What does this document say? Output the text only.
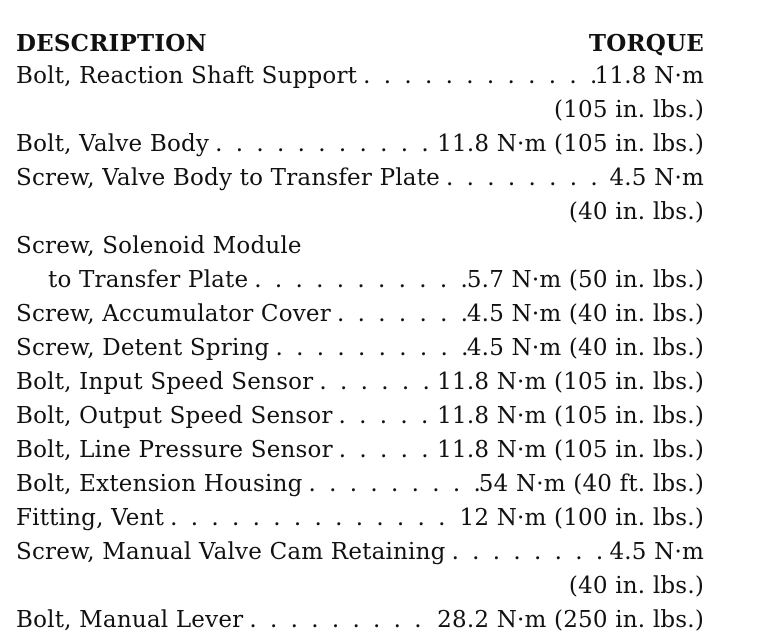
DESCRIPTION	TORQUE
Bolt, Reaction Shaft Support . . .	11.8 N·m
(105 in. lbs.)
Bolt, Valve Body . . .	11.8 N·m (105 in. lbs.)
Screw, Valve Body to Transfer Plate . . .	4.5 N·m
(40 in. lbs.)
Screw, Solenoid Module
to Transfer Plate . . .	5.7 N·m (50 in. lbs.)
Screw, Accumulator Cover . . .	4.5 N·m (40 in. lbs.)
Screw, Detent Spring . . .	4.5 N·m (40 in. lbs.)
Bolt, Input Speed Sensor . . .	11.8 N·m (105 in. lbs.)
Bolt, Output Speed Sensor . . .	11.8 N·m (105 in. lbs.)
Bolt, Line Pressure Sensor . . .	11.8 N·m (105 in. lbs.)
Bolt, Extension Housing . . .	54 N·m (40 ft. lbs.)
Fitting, Vent . . .	12 N·m (100 in. lbs.)
Screw, Manual Valve Cam Retaining . . .	4.5 N·m
(40 in. lbs.)
Bolt, Manual Lever . . .	28.2 N·m (250 in. lbs.)
